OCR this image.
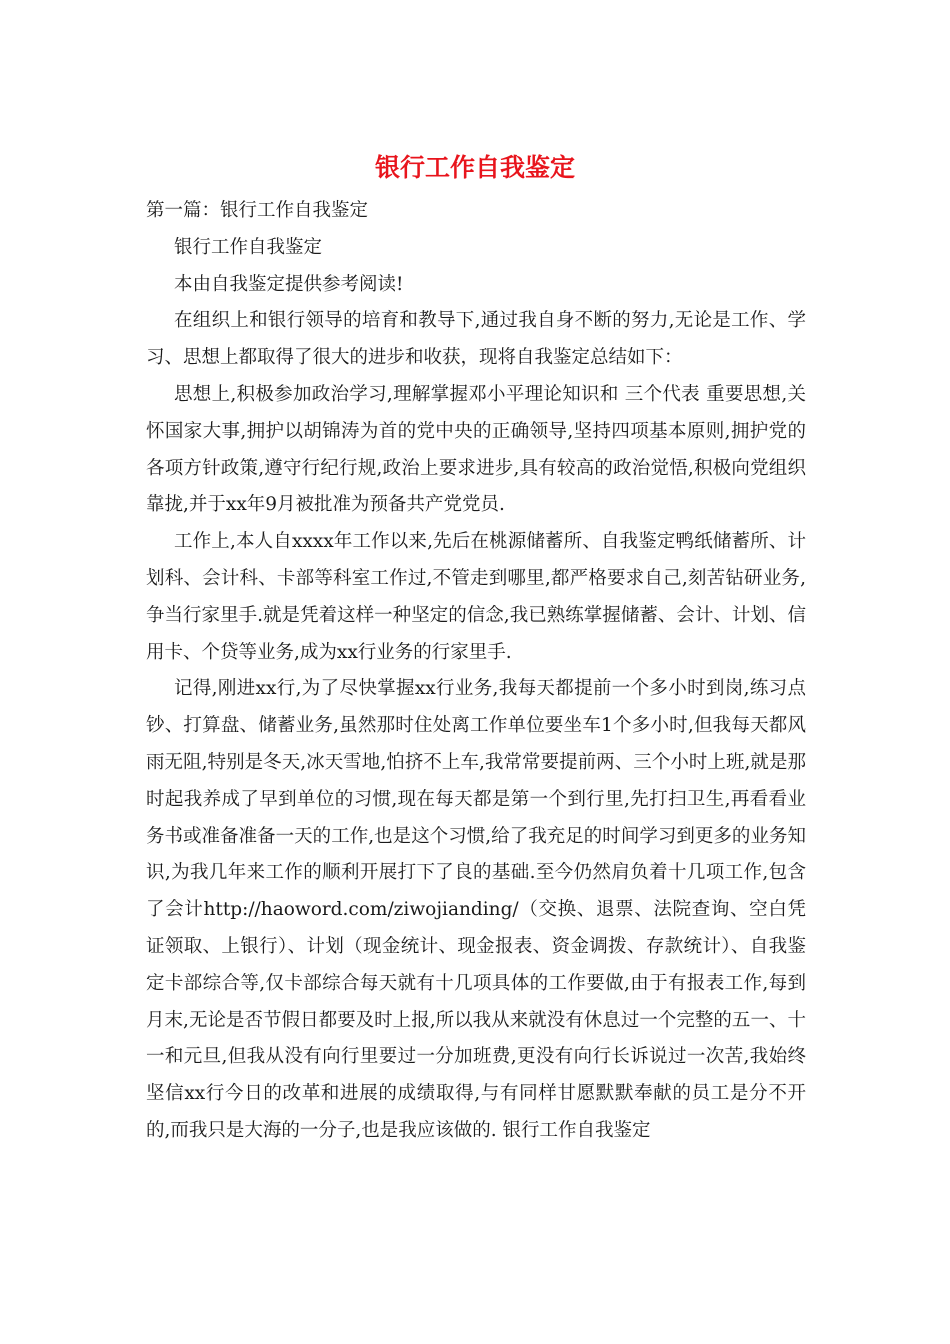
银行工作自我鉴定

第一篇：银行工作自我鉴定

银行工作自我鉴定

本由自我鉴定提供参考阅读!

在组织上和银行领导的培育和教导下,通过我自身不断的努力,无论是工作、学习、思想上都取得了很大的进步和收获，现将自我鉴定总结如下：

思想上,积极参加政治学习,理解掌握邓小平理论知识和 三个代表 重要思想,关怀国家大事,拥护以胡锦涛为首的党中央的正确领导,坚持四项基本原则,拥护党的各项方针政策,遵守行纪行规,政治上要求进步,具有较高的政治觉悟,积极向党组织靠拢,并于xx年9月被批准为预备共产党党员.

工作上,本人自xxxx年工作以来,先后在桃源储蓄所、自我鉴定鸭纸储蓄所、计划科、会计科、卡部等科室工作过,不管走到哪里,都严格要求自己,刻苦钻研业务,争当行家里手.就是凭着这样一种坚定的信念,我已熟练掌握储蓄、会计、计划、信用卡、个贷等业务,成为xx行业务的行家里手.

记得,刚进xx行,为了尽快掌握xx行业务,我每天都提前一个多小时到岗,练习点钞、打算盘、储蓄业务,虽然那时住处离工作单位要坐车1个多小时,但我每天都风雨无阻,特别是冬天,冰天雪地,怕挤不上车,我常常要提前两、三个小时上班,就是那时起我养成了早到单位的习惯,现在每天都是第一个到行里,先打扫卫生,再看看业务书或准备准备一天的工作,也是这个习惯,给了我充足的时间学习到更多的业务知识,为我几年来工作的顺利开展打下了良的基础.至今仍然肩负着十几项工作,包含了会计http://haoword.com/ziwojianding/（交换、退票、法院查询、空白凭证领取、上银行）、计划（现金统计、现金报表、资金调拨、存款统计）、自我鉴定卡部综合等,仅卡部综合每天就有十几项具体的工作要做,由于有报表工作,每到月末,无论是否节假日都要及时上报,所以我从来就没有休息过一个完整的五一、十一和元旦,但我从没有向行里要过一分加班费,更没有向行长诉说过一次苦,我始终坚信xx行今日的改革和进展的成绩取得,与有同样甘愿默默奉献的员工是分不开的,而我只是大海的一分子,也是我应该做的. 银行工作自我鉴定
